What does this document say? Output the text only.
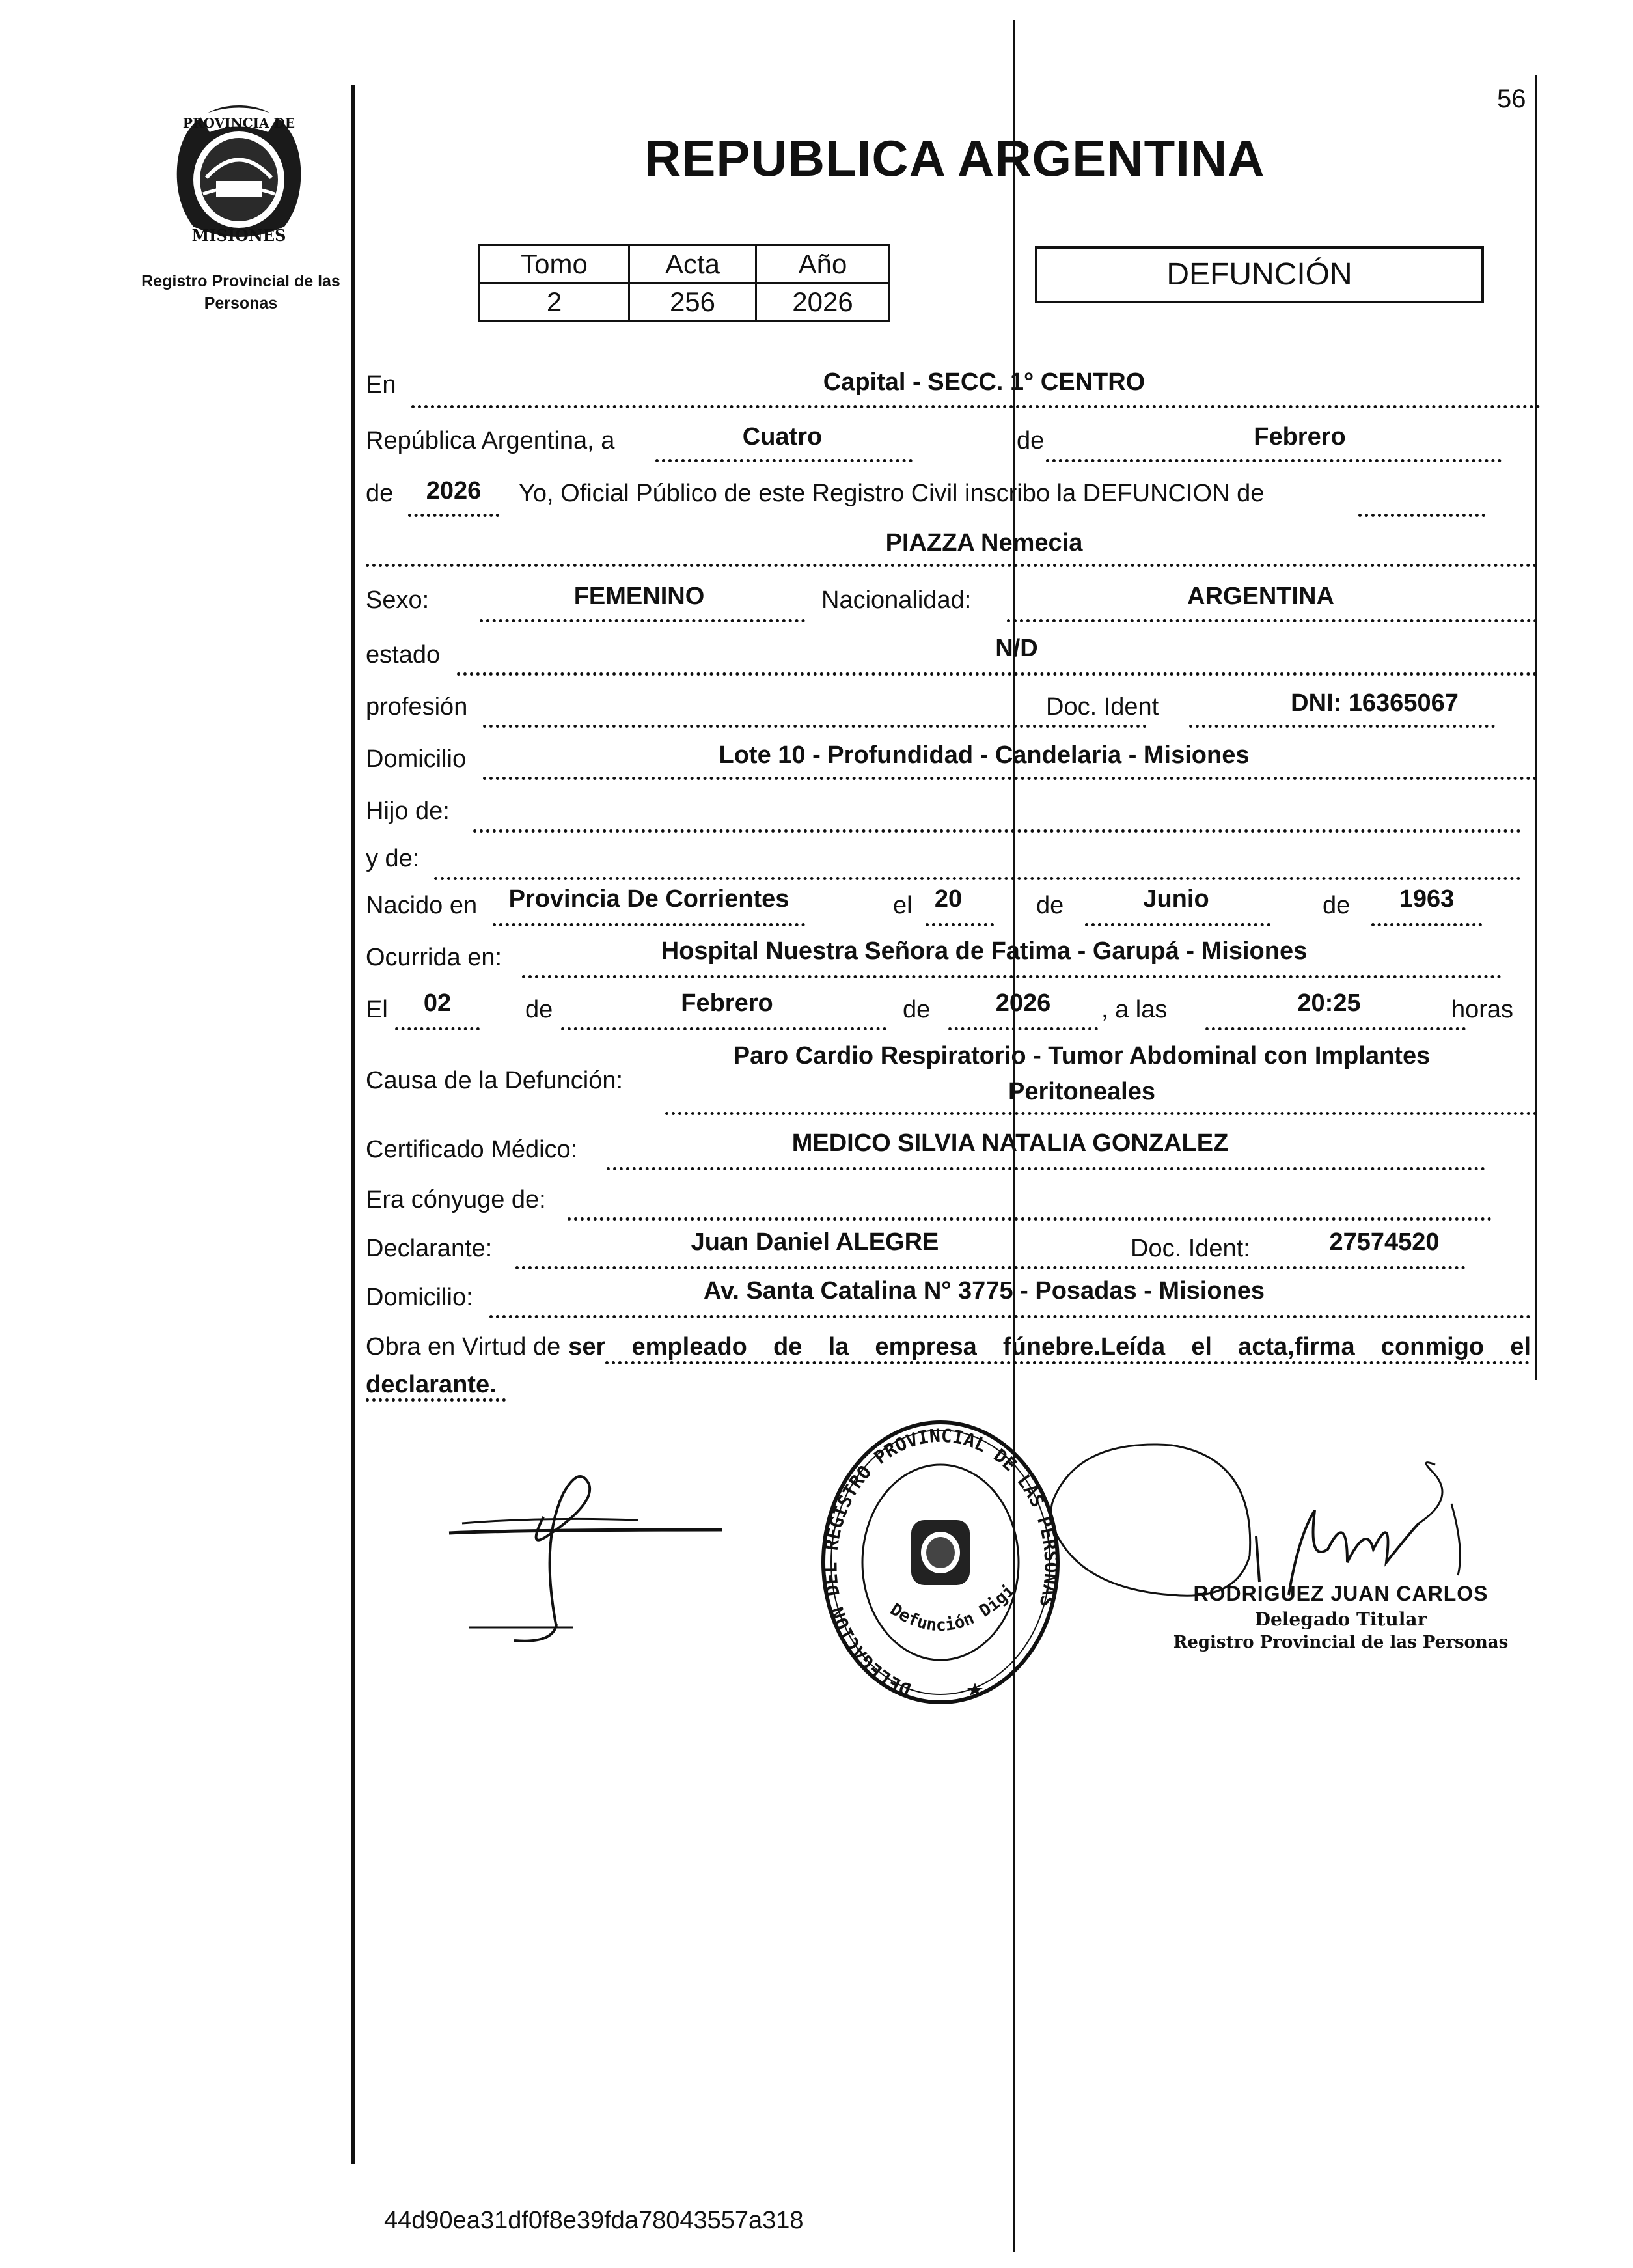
PROVINCIA DE
MISIONES
Registro Provincial de las Personas
56
REPUBLICA ARGENTINA
Tomo	Acta	Año
2	256	2026
DEFUNCIÓN
En	Capital - SECC. 1° CENTRO
República Argentina, a	Cuatro	de	Febrero
de	2026	Yo, Oficial Público de este Registro Civil inscribo la DEFUNCION de
PIAZZA Nemecia
Sexo:	FEMENINO	Nacionalidad:	ARGENTINA
estado	N/D
profesión	Doc. Ident	DNI: 16365067
Domicilio	Lote 10 - Profundidad - Candelaria - Misiones
Hijo de:
y de:
Nacido en	Provincia De Corrientes	el 20	de	Junio	de	1963
Ocurrida en:	Hospital Nuestra Señora de Fatima - Garupá - Misiones
El	02	de	Febrero	de	2026	, a las	20:25	horas
Causa de la Defunción:
Paro Cardio Respiratorio - Tumor Abdominal con Implantes
Peritoneales
Certificado Médico:	MEDICO SILVIA NATALIA GONZALEZ
Era cónyuge de:
Declarante:	Juan Daniel ALEGRE	Doc. Ident:	27574520
Domicilio:	Av. Santa Catalina N° 3775 - Posadas - Misiones
Obra en Virtud de ser empleado de la empresa fúnebre.Leída el acta,firma conmigo el
declarante.
DELEGACION DEL REGISTRO PROVINCIAL DE LAS PERSONAS
Defunción Digital
RODRIGUEZ JUAN CARLOS
Delegado Titular
Registro Provincial de las Personas
44d90ea31df0f8e39fda78043557a318
